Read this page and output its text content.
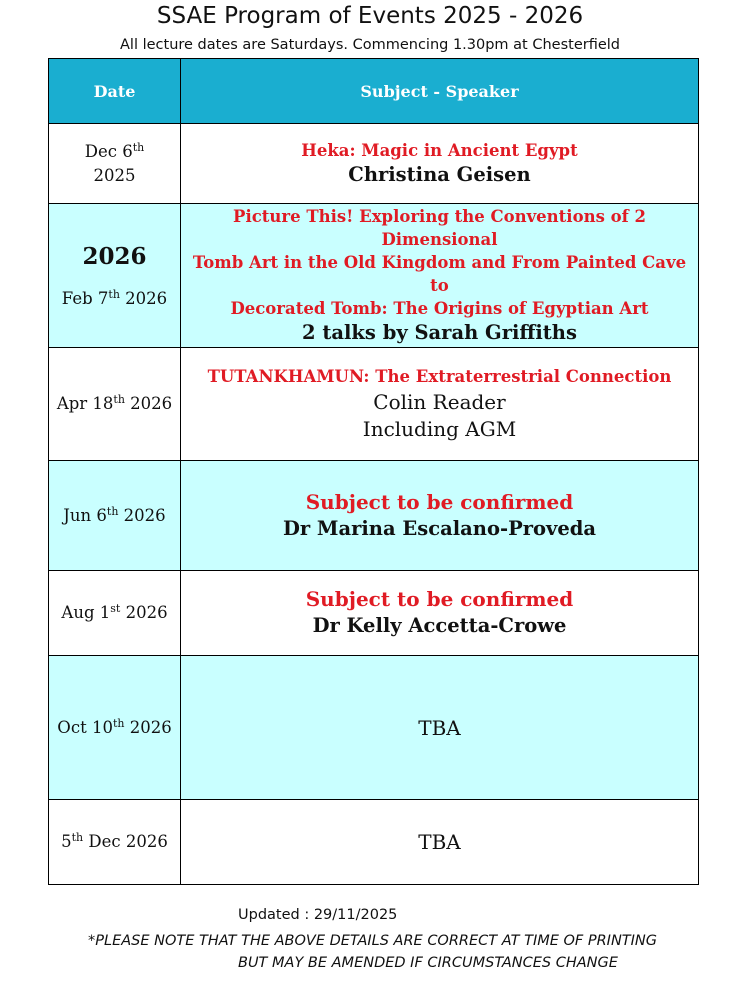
SSAE Program of Events 2025 - 2026
All lecture dates are Saturdays. Commencing 1.30pm at Chesterfield
Date	Subject - Speaker

Dec 6th
2025	Heka: Magic in Ancient Egypt
Christina Geisen

2026
Feb 7th 2026	Picture This! Exploring the Conventions of 2 Dimensional
Tomb Art in the Old Kingdom and From Painted Cave to
Decorated Tomb: The Origins of Egyptian Art
2 talks by Sarah Griffiths

Apr 18th 2026	TUTANKHAMUN: The Extraterrestrial Connection
Colin Reader
Including AGM

Jun 6th 2026	Subject to be confirmed
Dr Marina Escalano-Proveda

Aug 1st 2026	Subject to be confirmed
Dr Kelly Accetta-Crowe

Oct 10th 2026	TBA

5th Dec 2026	TBA
Updated : 29/11/2025
*PLEASE NOTE THAT THE ABOVE DETAILS ARE CORRECT AT TIME OF PRINTING
BUT MAY BE AMENDED IF CIRCUMSTANCES CHANGE
